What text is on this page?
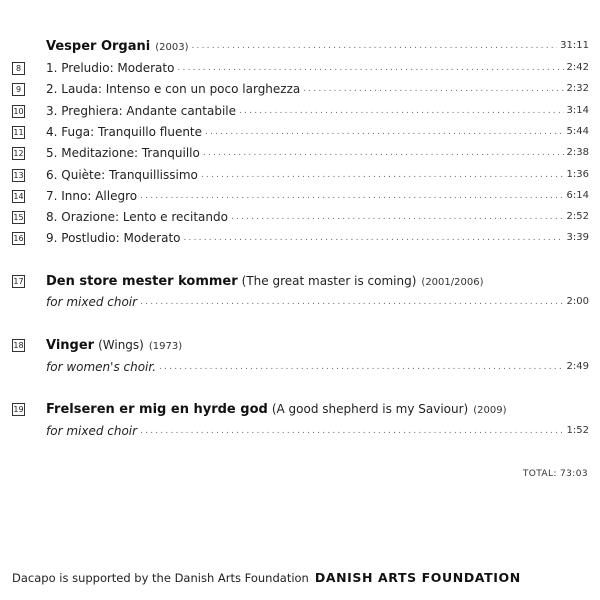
Vesper Organi (2003) .....	31:11
8	1. Preludio: Moderato .....	2:42
9	2. Lauda: Intenso e con un poco larghezza .....	2:32
10 3. Preghiera: Andante cantabile .....	3:14
11 4. Fuga: Tranquillo fluente .....	5:44
12 5. Meditazione: Tranquillo .....	2:38
13 6. Quiète: Tranquillissimo .....	1:36
14 7. Inno: Allegro .....	6:14
15 8. Orazione: Lento e recitando .....	2:52
16 9. Postludio: Moderato .....	3:39
17 Den store mester kommer (The great master is coming) (2001/2006)
for mixed choir .....	2:00
18 Vinger (Wings) (1973)
for women's choir. .....	2:49
19 Frelseren er mig en hyrde god (A good shepherd is my Saviour) (2009)
for mixed choir .....	1:52
TOTAL: 73:03
Dacapo is supported by the Danish Arts Foundation DANISH ARTS FOUNDATION
